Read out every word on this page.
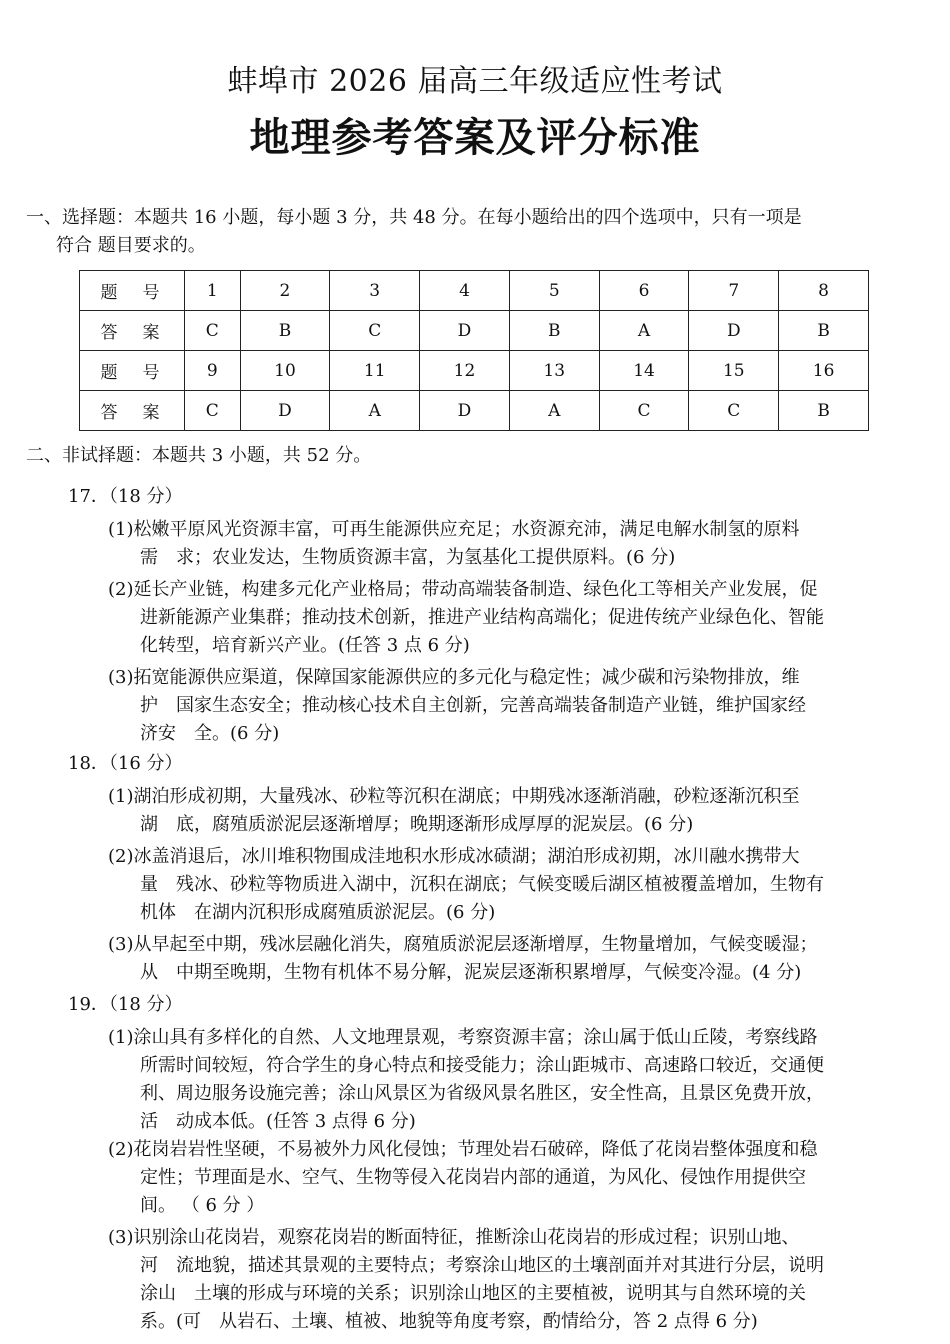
蚌埠市 2026 届高三年级适应性考试
地理参考答案及评分标准
一、选择题：本题共 16 小题，每小题 3 分，共 48 分。在每小题给出的四个选项中，只有一项是
符合 题目要求的。
题　号	1	2	3	4	5	6	7	8
答　案	C	B	C	D	B	A	D	B
题　号	9	10	11	12	13	14	15	16
答　案	C	D	A	D	A	C	C	B
二、非试择题：本题共 3 小题，共 52 分。
17．（18 分）
(1)松嫩平原风光资源丰富，可再生能源供应充足；水资源充沛，满足电解水制氢的原料
需　求；农业发达，生物质资源丰富，为氢基化工提供原料。(6 分)
(2)延长产业链，构建多元化产业格局；带动高端装备制造、绿色化工等相关产业发展，促
进新能源产业集群；推动技术创新，推进产业结构高端化；促进传统产业绿色化、智能
化转型，培育新兴产业。(任答 3 点 6 分)
(3)拓宽能源供应渠道，保障国家能源供应的多元化与稳定性；减少碳和污染物排放，维
护　国家生态安全；推动核心技术自主创新，完善高端装备制造产业链，维护国家经
济安　全。(6 分)
18．（16 分）
(1)湖泊形成初期，大量残冰、砂粒等沉积在湖底；中期残冰逐渐消融，砂粒逐渐沉积至
湖　底，腐殖质淤泥层逐渐增厚；晚期逐渐形成厚厚的泥炭层。(6 分)
(2)冰盖消退后，冰川堆积物围成洼地积水形成冰碛湖；湖泊形成初期，冰川融水携带大
量　残冰、砂粒等物质进入湖中，沉积在湖底；气候变暖后湖区植被覆盖增加，生物有
机体　在湖内沉积形成腐殖质淤泥层。(6 分)
(3)从早起至中期，残冰层融化消失，腐殖质淤泥层逐渐增厚，生物量增加，气候变暖湿；
从　中期至晚期，生物有机体不易分解，泥炭层逐渐积累增厚，气候变冷湿。(4 分)
19．（18 分）
(1)涂山具有多样化的自然、人文地理景观，考察资源丰富；涂山属于低山丘陵，考察线路
所需时间较短，符合学生的身心特点和接受能力；涂山距城市、高速路口较近，交通便
利、周边服务设施完善；涂山风景区为省级风景名胜区，安全性高，且景区免费开放，
活　动成本低。(任答 3 点得 6 分)
(2)花岗岩岩性坚硬，不易被外力风化侵蚀；节理处岩石破碎，降低了花岗岩整体强度和稳
定性；节理面是水、空气、生物等侵入花岗岩内部的通道，为风化、侵蚀作用提供空
间。 （ 6 分 ）
(3)识别涂山花岗岩，观察花岗岩的断面特征，推断涂山花岗岩的形成过程；识别山地、
河　流地貌，描述其景观的主要特点；考察涂山地区的土壤剖面并对其进行分层，说明
涂山　土壤的形成与环境的关系；识别涂山地区的主要植被，说明其与自然环境的关
系。(可　从岩石、土壤、植被、地貌等角度考察，酌情给分，答 2 点得 6 分)
